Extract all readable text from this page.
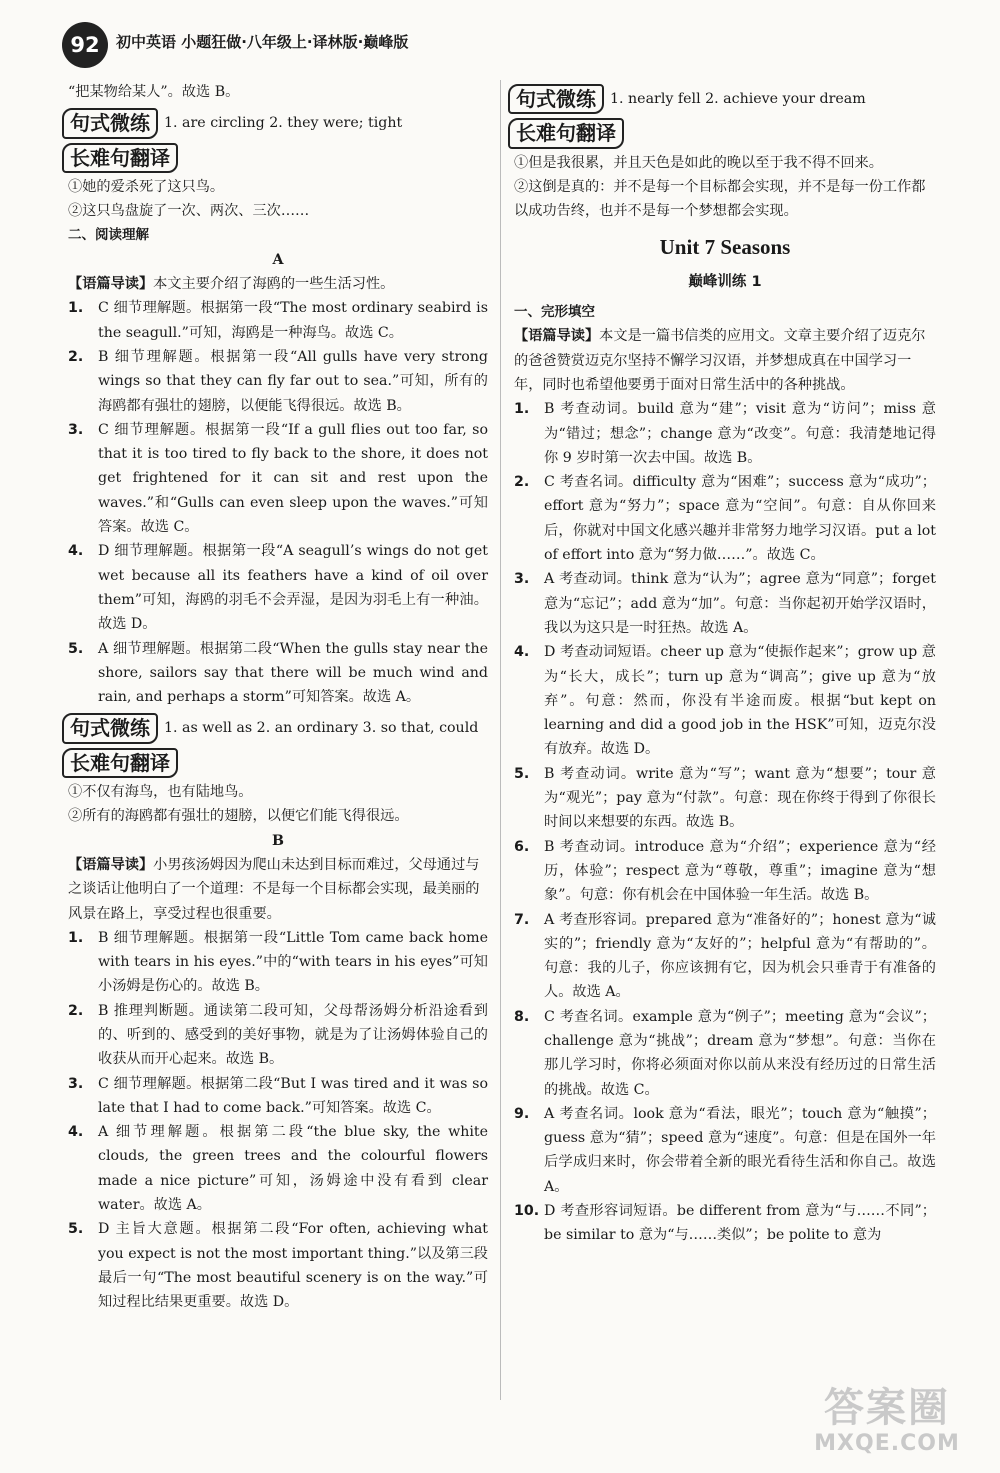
92	初中英语 小题狂做·八年级上·译林版·巅峰版

“把某物给某人”。故选 B。

句式微练 1. are circling 2. they were; tight
长难句翻译

①她的爱杀死了这只鸟。

②这只鸟盘旋了一次、两次、三次……

二、阅读理解

A

【语篇导读】本文主要介绍了海鸥的一些生活习性。

1.	C 细节理解题。根据第一段“The most ordinary seabird is the seagull.”可知，海鸥是一种海鸟。故选 C。
2.	B 细节理解题。根据第一段“All gulls have very strong wings so that they can fly far out to sea.”可知，所有的海鸥都有强壮的翅膀，以便能飞得很远。故选 B。
3.	C 细节理解题。根据第一段“If a gull flies out too far, so that it is too tired to fly back to the shore, it does not get frightened for it can sit and rest upon the waves.”和“Gulls can even sleep upon the waves.”可知答案。故选 C。
4.	D 细节理解题。根据第一段“A seagull’s wings do not get wet because all its feathers have a kind of oil over them”可知，海鸥的羽毛不会弄湿，是因为羽毛上有一种油。故选 D。
5.	A 细节理解题。根据第二段“When the gulls stay near the shore, sailors say that there will be much wind and rain, and perhaps a storm”可知答案。故选 A。
句式微练 1. as well as 2. an ordinary 3. so that, could
长难句翻译

①不仅有海鸟，也有陆地鸟。

②所有的海鸥都有强壮的翅膀，以便它们能飞得很远。

B

【语篇导读】小男孩汤姆因为爬山未达到目标而难过，父母通过与之谈话让他明白了一个道理：不是每一个目标都会实现，最美丽的风景在路上，享受过程也很重要。

1.	B 细节理解题。根据第一段“Little Tom came back home with tears in his eyes.”中的“with tears in his eyes”可知小汤姆是伤心的。故选 B。
2.	B 推理判断题。通读第二段可知，父母帮汤姆分析沿途看到的、听到的、感受到的美好事物，就是为了让汤姆体验自己的收获从而开心起来。故选 B。
3.	C 细节理解题。根据第二段“But I was tired and it was so late that I had to come back.”可知答案。故选 C。
4.	A 细节理解题。根据第二段“the blue sky, the white clouds, the green trees and the colourful flowers made a nice picture”可知，汤姆途中没有看到 clear water。故选 A。
5.	D 主旨大意题。根据第二段“For often, achieving what you expect is not the most important thing.”以及第三段最后一句“The most beautiful scenery is on the way.”可知过程比结果更重要。故选 D。
句式微练 1. nearly fell 2. achieve your dream
长难句翻译

①但是我很累，并且天色是如此的晚以至于我不得不回来。

②这倒是真的：并不是每一个目标都会实现，并不是每一份工作都以成功告终，也并不是每一个梦想都会实现。

Unit 7 Seasons
巅峰训练 1

一、完形填空

【语篇导读】本文是一篇书信类的应用文。文章主要介绍了迈克尔的爸爸赞赏迈克尔坚持不懈学习汉语，并梦想成真在中国学习一年，同时也希望他要勇于面对日常生活中的各种挑战。

1.	B 考查动词。build 意为“建”；visit 意为“访问”；miss 意为“错过；想念”；change 意为“改变”。句意：我清楚地记得你 9 岁时第一次去中国。故选 B。
2.	C 考查名词。difficulty 意为“困难”；success 意为“成功”；effort 意为“努力”；space 意为“空间”。句意：自从你回来后，你就对中国文化感兴趣并非常努力地学习汉语。put a lot of effort into 意为“努力做……”。故选 C。
3.	A 考查动词。think 意为“认为”；agree 意为“同意”；forget 意为“忘记”；add 意为“加”。句意：当你起初开始学汉语时，我以为这只是一时狂热。故选 A。
4.	D 考查动词短语。cheer up 意为“使振作起来”；grow up 意为“长大，成长”；turn up 意为“调高”；give up 意为“放弃”。句意：然而，你没有半途而废。根据“but kept on learning and did a good job in the HSK”可知，迈克尔没有放弃。故选 D。
5.	B 考查动词。write 意为“写”；want 意为“想要”；tour 意为“观光”；pay 意为“付款”。句意：现在你终于得到了你很长时间以来想要的东西。故选 B。
6.	B 考查动词。introduce 意为“介绍”；experience 意为“经历，体验”；respect 意为“尊敬，尊重”；imagine 意为“想象”。句意：你有机会在中国体验一年生活。故选 B。
7.	A 考查形容词。prepared 意为“准备好的”；honest 意为“诚实的”；friendly 意为“友好的”；helpful 意为“有帮助的”。句意：我的儿子，你应该拥有它，因为机会只垂青于有准备的人。故选 A。
8.	C 考查名词。example 意为“例子”；meeting 意为“会议”；challenge 意为“挑战”；dream 意为“梦想”。句意：当你在那儿学习时，你将必须面对你以前从来没有经历过的日常生活的挑战。故选 C。
9.	A 考查名词。look 意为“看法，眼光”；touch 意为“触摸”；guess 意为“猜”；speed 意为“速度”。句意：但是在国外一年后学成归来时，你会带着全新的眼光看待生活和你自己。故选 A。
10. D 考查形容词短语。be different from 意为“与……不同”；be similar to 意为“与……类似”；be polite to 意为
答案圈
MXQE.COM
